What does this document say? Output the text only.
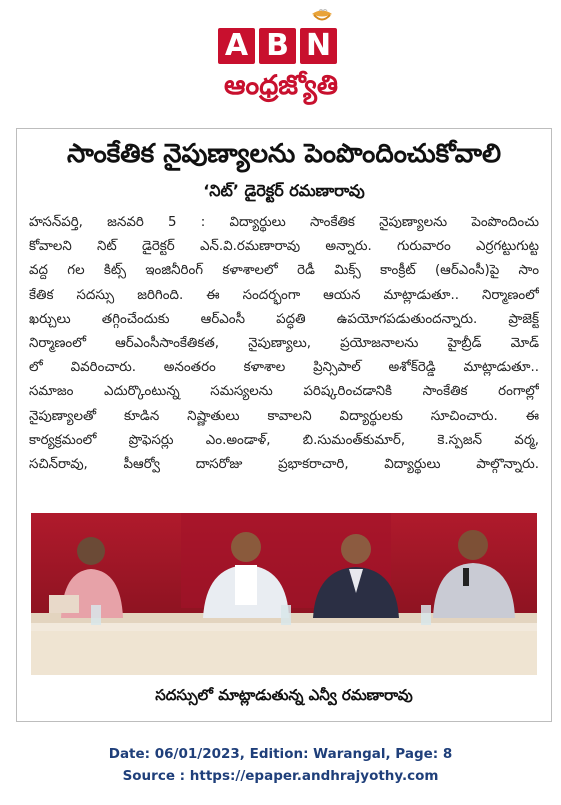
A B N
ఆంధ్రజ్యోతి
సాంకేతిక నైపుణ్యాలను పెంపొందించుకోవాలి
‘నిట్’ డైరెక్టర్ రమణారావు
హసన్‌పర్తి, జనవరి 5 : విద్యార్థులు సాంకేతిక నైపుణ్యాలను పెంపొందించు
కోవాలని నిట్ డైరెక్టర్ ఎన్.వి.రమణారావు అన్నారు. గురువారం ఎర్రగట్టుగుట్ట
వద్ద గల కిట్స్ ఇంజినీరింగ్ కళాశాలలో రెడీ మిక్స్ కాంక్రీట్ (ఆర్ఎంసీ)పై సాం
కేతిక సదస్సు జరిగింది. ఈ సందర్భంగా ఆయన మాట్లాడుతూ.. నిర్మాణంలో
ఖర్చులు తగ్గించేందుకు ఆర్ఎంసీ పద్ధతి ఉపయోగపడుతుందన్నారు. ప్రాజెక్ట్
నిర్మాణంలో ఆర్ఎంసీసాంకేతికత, నైపుణ్యాలు, ప్రయోజనాలను హైబ్రీడ్ మోడ్
లో వివరించారు. అనంతరం కళాశాల ప్రిన్సిపాల్ అశోక్‌రెడ్డి మాట్లాడుతూ..
సమాజం ఎదుర్కొంటున్న సమస్యలను పరిష్కరించడానికి సాంకేతిక రంగాల్లో
నైపుణ్యాలతో కూడిన నిష్ణాతులు కావాలని విద్యార్థులకు సూచించారు. ఈ
కార్యక్రమంలో ప్రొఫెసర్లు ఎం.అండాళ్, బి.సుమంత్‌కుమార్, కె.స్పజన్ వర్మ,
సచిన్‌రావు, పీఆర్వో దాసరోజు ప్రభాకరాచారి, విద్యార్థులు పాల్గొన్నారు.
సదస్సులో మాట్లాడుతున్న ఎన్వీ రమణారావు
Date: 06/01/2023, Edition: Warangal, Page: 8
Source : https://epaper.andhrajyothy.com
